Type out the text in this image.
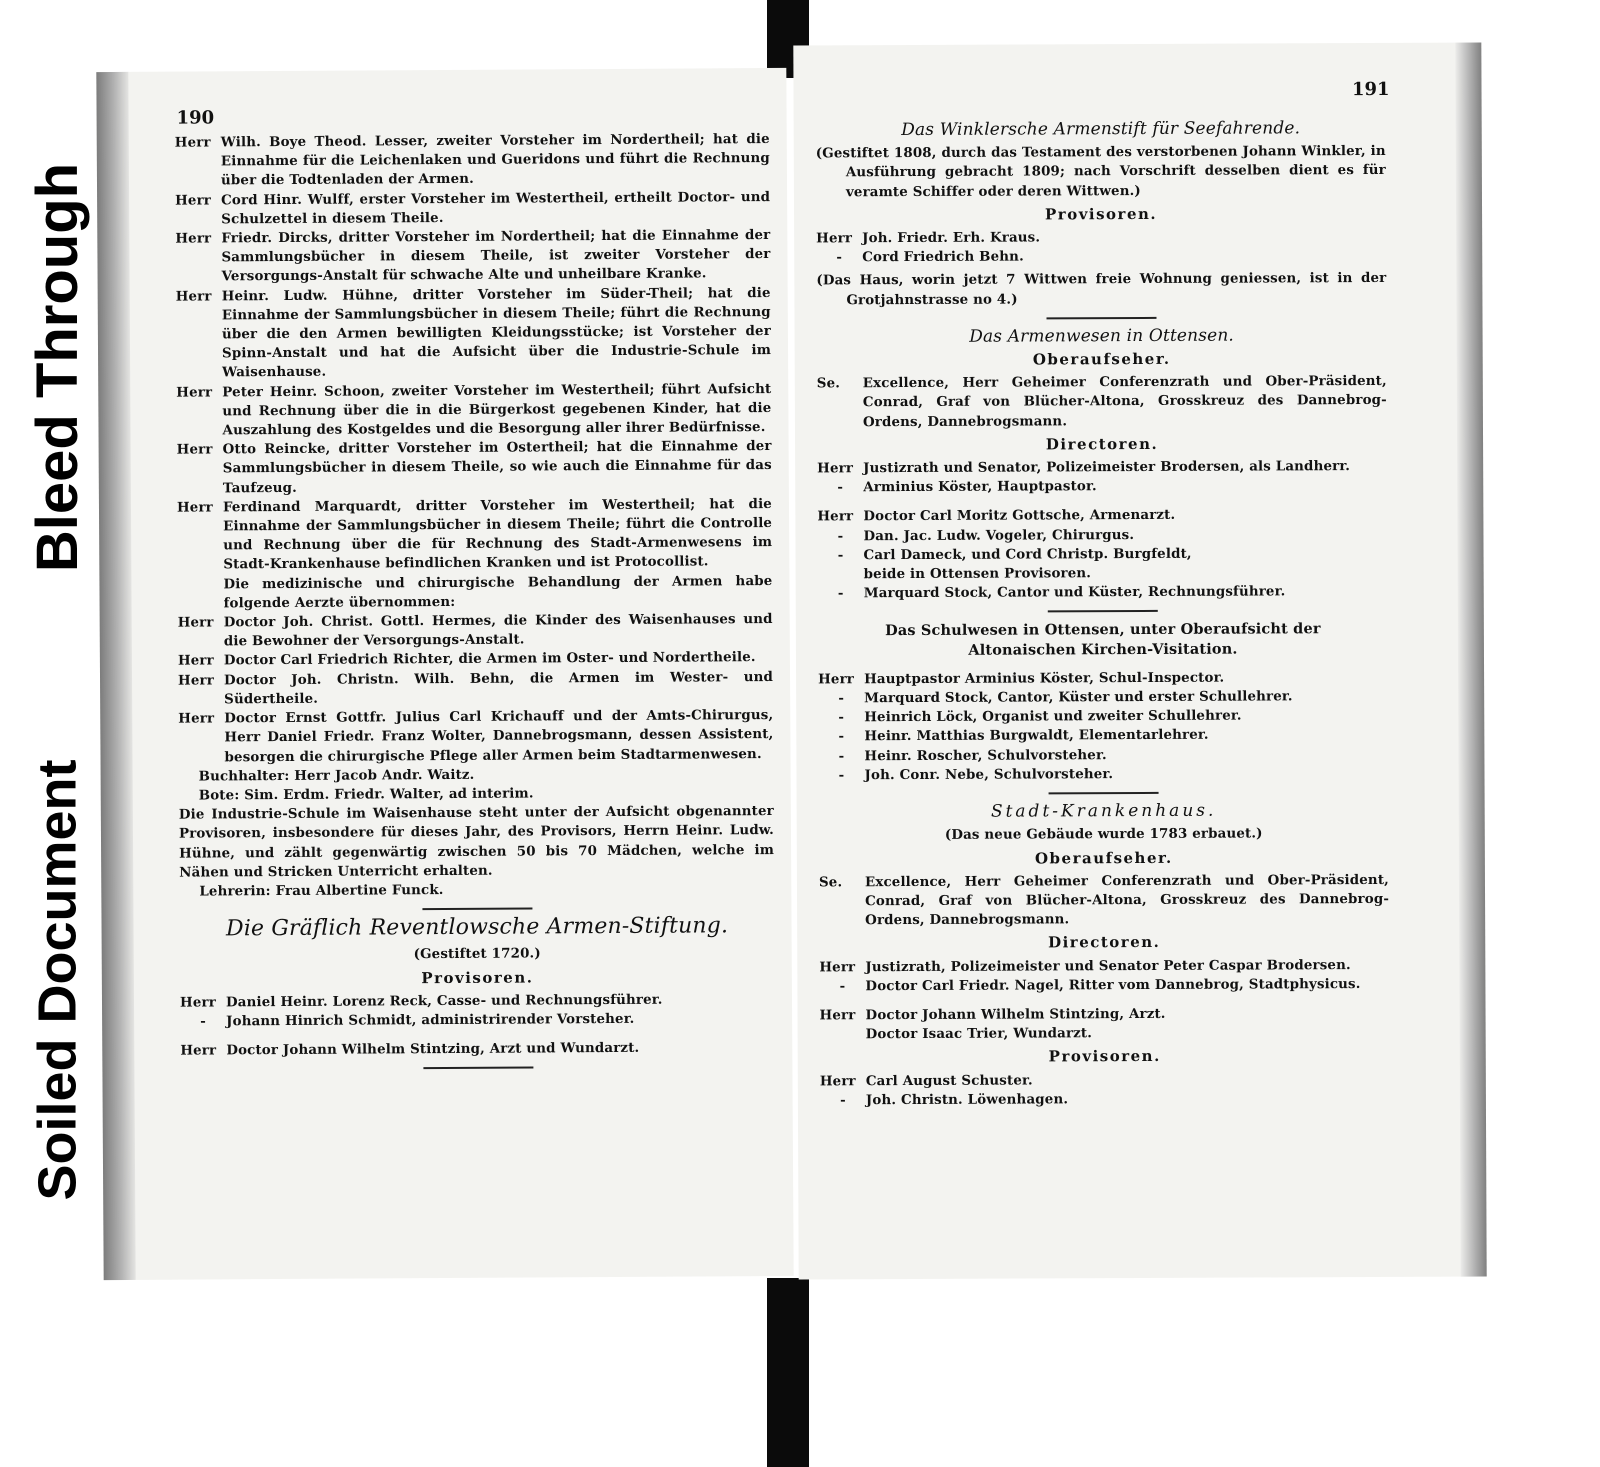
Bleed Through
Soiled Document
190
Herr Wilh. Boye Theod. Lesser, zweiter Vorsteher im Nordertheil; hat die Einnahme für die Leichenlaken und Gueridons und führt die Rechnung über die Todtenladen der Armen.
Herr Cord Hinr. Wulff, erster Vorsteher im Westertheil, ertheilt Doctor- und Schulzettel in diesem Theile.
Herr Friedr. Dircks, dritter Vorsteher im Nordertheil; hat die Einnahme der Sammlungsbücher in diesem Theile, ist zweiter Vorsteher der Versorgungs-Anstalt für schwache Alte und unheilbare Kranke.
Herr Heinr. Ludw. Hühne, dritter Vorsteher im Süder-Theil; hat die Einnahme der Sammlungsbücher in diesem Theile; führt die Rechnung über die den Armen bewilligten Kleidungsstücke; ist Vorsteher der Spinn-Anstalt und hat die Aufsicht über die Industrie-Schule im Waisenhause.
Herr Peter Heinr. Schoon, zweiter Vorsteher im Westertheil; führt Aufsicht und Rechnung über die in die Bürgerkost gegebenen Kinder, hat die Auszahlung des Kostgeldes und die Besorgung aller ihrer Bedürfnisse.
Herr Otto Reincke, dritter Vorsteher im Ostertheil; hat die Einnahme der Sammlungsbücher in diesem Theile, so wie auch die Einnahme für das Taufzeug.
Herr Ferdinand Marquardt, dritter Vorsteher im Westertheil; hat die Einnahme der Sammlungsbücher in diesem Theile; führt die Controlle und Rechnung über die für Rechnung des Stadt-Armenwesens im Stadt-Krankenhause befindlichen Kranken und ist Protocollist.
Die medizinische und chirurgische Behandlung der Armen habe folgende Aerzte übernommen:
Herr Doctor Joh. Christ. Gottl. Hermes, die Kinder des Waisenhauses und die Bewohner der Versorgungs-Anstalt.
Herr Doctor Carl Friedrich Richter, die Armen im Oster- und Nordertheile.
Herr Doctor Joh. Christn. Wilh. Behn, die Armen im Wester- und Südertheile.
Herr Doctor Ernst Gottfr. Julius Carl Krichauff und der Amts-Chirurgus, Herr Daniel Friedr. Franz Wolter, Dannebrogsmann, dessen Assistent, besorgen die chirurgische Pflege aller Armen beim Stadtarmenwesen.
Buchhalter: Herr Jacob Andr. Waitz.
Bote: Sim. Erdm. Friedr. Walter, ad interim.
Die Industrie-Schule im Waisenhause steht unter der Aufsicht obgenannter Provisoren, insbesondere für dieses Jahr, des Provisors, Herrn Heinr. Ludw. Hühne, und zählt gegenwärtig zwischen 50 bis 70 Mädchen, welche im Nähen und Stricken Unterricht erhalten.
Lehrerin: Frau Albertine Funck.
Die Gräflich Reventlowsche Armen-Stiftung.
(Gestiftet 1720.)
Provisoren.
Herr Daniel Heinr. Lorenz Reck, Casse- und Rechnungsführer.
-	Johann Hinrich Schmidt, administrirender Vorsteher.
Herr Doctor Johann Wilhelm Stintzing, Arzt und Wundarzt.
191
Das Winklersche Armenstift für Seefahrende.
(Gestiftet 1808, durch das Testament des verstorbenen Johann Winkler, in Ausführung gebracht 1809; nach Vorschrift desselben dient es für veramte Schiffer oder deren Wittwen.)
Provisoren.
Herr Joh. Friedr. Erh. Kraus.
-	Cord Friedrich Behn.
(Das Haus, worin jetzt 7 Wittwen freie Wohnung geniessen, ist in der Grotjahnstrasse no 4.)
Das Armenwesen in Ottensen.
Oberaufseher.
Se.	Excellence, Herr Geheimer Conferenzrath und Ober-Präsident, Conrad, Graf von Blücher-Altona, Grosskreuz des Dannebrog-Ordens, Dannebrogsmann.
Directoren.
Herr Justizrath und Senator, Polizeimeister Brodersen, als Landherr.
-	Arminius Köster, Hauptpastor.
Herr Doctor Carl Moritz Gottsche, Armenarzt.
-	Dan. Jac. Ludw. Vogeler, Chirurgus.
-	Carl Dameck, und Cord Christp. Burgfeldt,
beide in Ottensen Provisoren.
-	Marquard Stock, Cantor und Küster, Rechnungsführer.
Das Schulwesen in Ottensen, unter Oberaufsicht der Altonaischen Kirchen-Visitation.
Herr Hauptpastor Arminius Köster, Schul-Inspector.
-	Marquard Stock, Cantor, Küster und erster Schullehrer.
-	Heinrich Löck, Organist und zweiter Schullehrer.
-	Heinr. Matthias Burgwaldt, Elementarlehrer.
-	Heinr. Roscher, Schulvorsteher.
-	Joh. Conr. Nebe, Schulvorsteher.
Stadt-Krankenhaus.
(Das neue Gebäude wurde 1783 erbauet.)
Oberaufseher.
Se.	Excellence, Herr Geheimer Conferenzrath und Ober-Präsident, Conrad, Graf von Blücher-Altona, Grosskreuz des Dannebrog-Ordens, Dannebrogsmann.
Directoren.
Herr Justizrath, Polizeimeister und Senator Peter Caspar Brodersen.
-	Doctor Carl Friedr. Nagel, Ritter vom Dannebrog, Stadtphysicus.
Herr Doctor Johann Wilhelm Stintzing, Arzt.
Doctor Isaac Trier, Wundarzt.
Provisoren.
Herr Carl August Schuster.
-	Joh. Christn. Löwenhagen.
